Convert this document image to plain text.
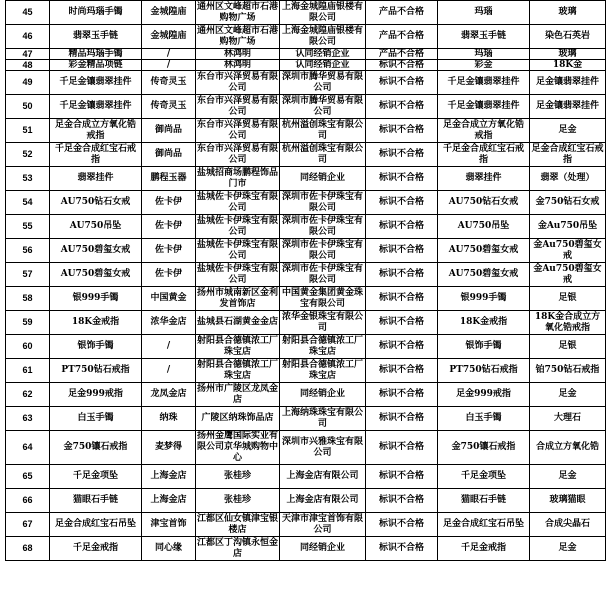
45	时尚玛瑙手镯	金城隍庙	通州区文峰超市石港购物广场	上海金城隍庙银楼有限公司	产品不合格	玛瑙	玻璃
46	翡翠玉手链	金城隍庙	通州区文峰超市石港购物广场	上海金城隍庙银楼有限公司	产品不合格	翡翠玉手链	染色石英岩
47	精品玛瑙手镯	/	林鸿明	认同经销企业	产品不合格	玛瑙	玻璃
48	彩金精品项链	/	林鸿明	认同经销企业	标识不合格	彩金	18K金
49	千足金镶翡翠挂件	传奇灵玉	东台市兴泽贸易有限公司	深圳市腾华贸易有限公司	标识不合格	千足金镶翡翠挂件	足金镶翡翠挂件
50	千足金镶翡翠挂件	传奇灵玉	东台市兴泽贸易有限公司	深圳市腾华贸易有限公司	标识不合格	千足金镶翡翠挂件	足金镶翡翠挂件
51	足金合成立方氧化锆戒指	御尚品	东台市兴泽贸易有限公司	杭州溢创珠宝有限公司	标识不合格	足金合成立方氧化锆戒指	足金
52	千足金合成红宝石戒指	御尚品	东台市兴泽贸易有限公司	杭州溢创珠宝有限公司	标识不合格	千足金合成红宝石戒指	足金合成红宝石戒指
53	翡翠挂件	鹏程玉器	盐城招商场鹏程饰品门市	同经销企业	标识不合格	翡翠挂件	翡翠（处理）
54	AU750钻石女戒	佐卡伊	盐城佐卡伊珠宝有限公司	深圳市佐卡伊珠宝有限公司	标识不合格	AU750钻石女戒	金750钻石女戒
55	AU750吊坠	佐卡伊	盐城佐卡伊珠宝有限公司	深圳市佐卡伊珠宝有限公司	标识不合格	AU750吊坠	金Au750吊坠
56	AU750碧玺女戒	佐卡伊	盐城佐卡伊珠宝有限公司	深圳市佐卡伊珠宝有限公司	标识不合格	AU750碧玺女戒	金Au750碧玺女戒
57	AU750碧玺女戒	佐卡伊	盐城佐卡伊珠宝有限公司	深圳市佐卡伊珠宝有限公司	标识不合格	AU750碧玺女戒	金Au750碧玺女戒
58	银999手镯	中国黄金	扬州市城南新区金利发首饰店	中国黄金集团黄金珠宝有限公司	标识不合格	银999手镯	足银
59	18K金戒指	浓华金店	盐城县石湖黄金金店	浓华金银珠宝有限公司	标识不合格	18K金戒指	18K金合成立方氧化锆戒指
60	银饰手镯	/	射阳县合德镇浓工厂珠宝店	射阳县合德镇浓工厂珠宝店	标识不合格	银饰手镯	足银
61	PT750钻石戒指	/	射阳县合德镇浓工厂珠宝店	射阳县合德镇浓工厂珠宝店	标识不合格	PT750钻石戒指	铂750钻石戒指
62	足金999戒指	龙凤金店	扬州市广陵区龙凤金店	同经销企业	标识不合格	足金999戒指	足金
63	白玉手镯	纳珠	广陵区纳珠饰品店	上海纳珠珠宝有限公司	标识不合格	白玉手镯	大理石
64	金750镶石戒指	麦梦得	扬州金鹰国际实业有限公司京华城购物中心	深圳市兴雅珠宝有限公司	标识不合格	金750镶石戒指	合成立方氧化锆
65	千足金项坠	上海金店	张桂珍	上海金店有限公司	标识不合格	千足金项坠	足金
66	猫眼石手链	上海金店	张桂珍	上海金店有限公司	标识不合格	猫眼石手链	玻璃猫眼
67	足金合成红宝石吊坠	津宝首饰	江都区仙女镇津宝银楼店	天津市津宝首饰有限公司	标识不合格	足金合成红宝石吊坠	合成尖晶石
68	千足金戒指	同心缘	江都区丁沟镇永恒金店	同经销企业	标识不合格	千足金戒指	足金
